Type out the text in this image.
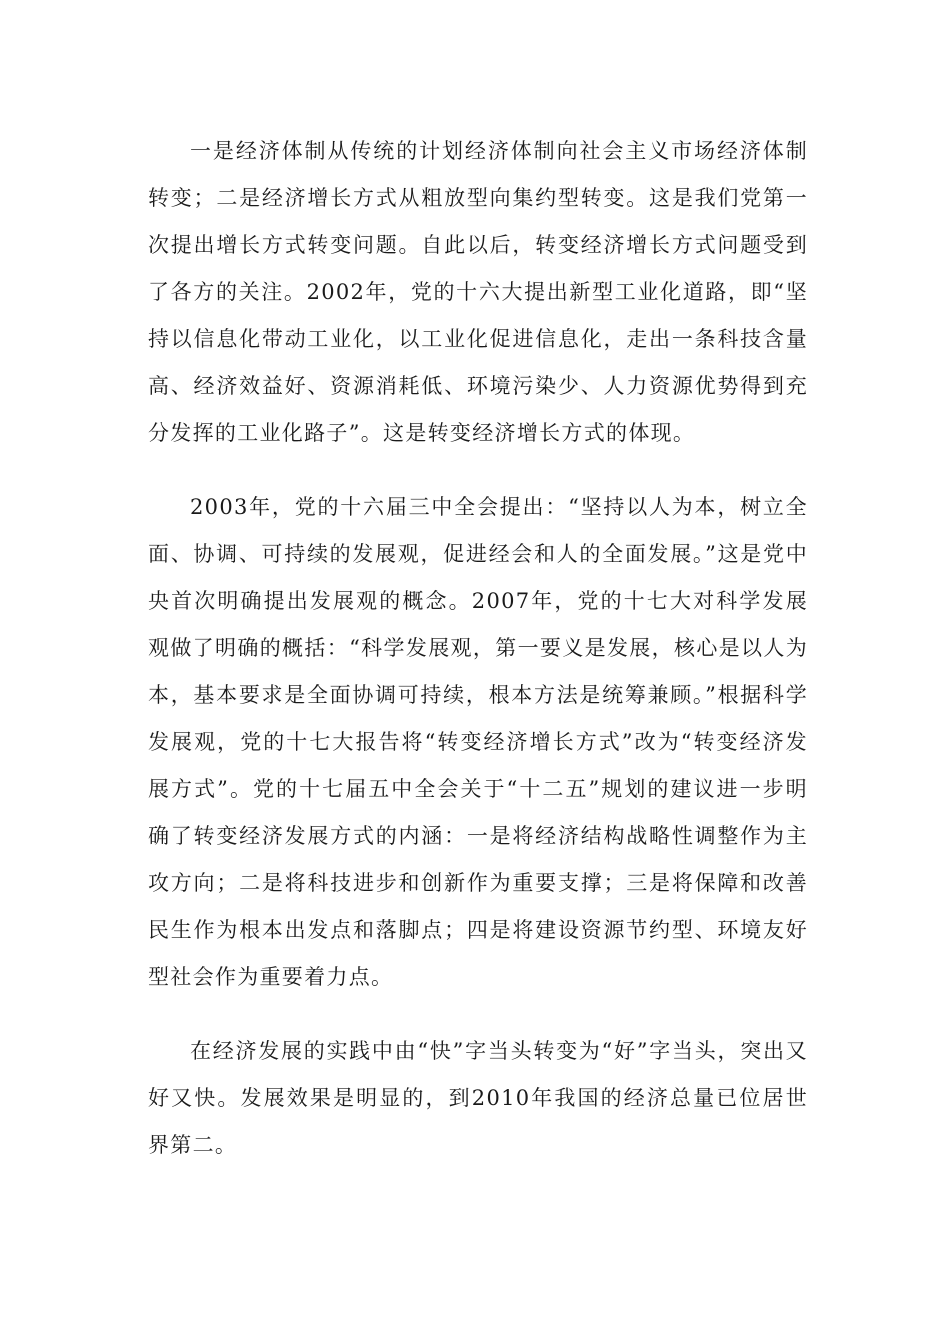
一是经济体制从传统的计划经济体制向社会主义市场经济体制转变；二是经济增长方式从粗放型向集约型转变。这是我们党第一次提出增长方式转变问题。自此以后，转变经济增长方式问题受到了各方的关注。2002年，党的十六大提出新型工业化道路，即“坚持以信息化带动工业化，以工业化促进信息化，走出一条科技含量高、经济效益好、资源消耗低、环境污染少、人力资源优势得到充分发挥的工业化路子”。这是转变经济增长方式的体现。

2003年，党的十六届三中全会提出：“坚持以人为本，树立全面、协调、可持续的发展观，促进经会和人的全面发展。”这是党中央首次明确提出发展观的概念。2007年，党的十七大对科学发展观做了明确的概括：“科学发展观，第一要义是发展，核心是以人为本，基本要求是全面协调可持续，根本方法是统筹兼顾。”根据科学发展观，党的十七大报告将“转变经济增长方式”改为“转变经济发展方式”。党的十七届五中全会关于“十二五”规划的建议进一步明确了转变经济发展方式的内涵：一是将经济结构战略性调整作为主攻方向；二是将科技进步和创新作为重要支撑；三是将保障和改善民生作为根本出发点和落脚点；四是将建设资源节约型、环境友好型社会作为重要着力点。

在经济发展的实践中由“快”字当头转变为“好”字当头，突出又好又快。发展效果是明显的，到2010年我国的经济总量已位居世界第二。
